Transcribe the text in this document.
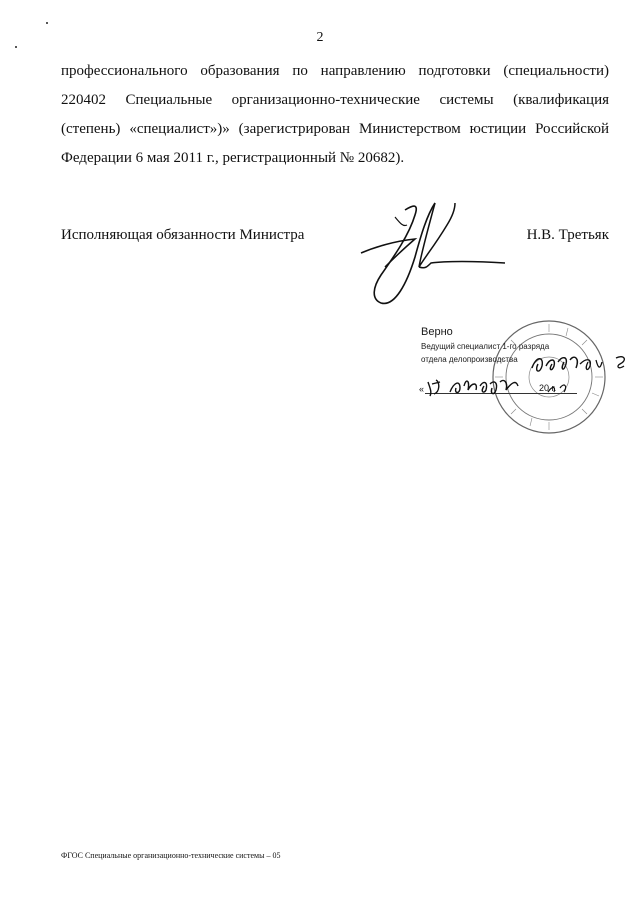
2

профессионального образования по направлению подготовки (специальности) 220402 Специальные организационно-технические системы (квалификация (степень) «специалист»)» (зарегистрирован Министерством юстиции Российской Федерации 6 мая 2011 г., регистрационный № 20682).

Исполняющая обязанности Министра	Н.В. Третьяк
Верно
Ведущий специалист 1-го разряда
отдела делопроизводства
«	20 г.
ФГОС Специальные организационно-технические системы – 05
